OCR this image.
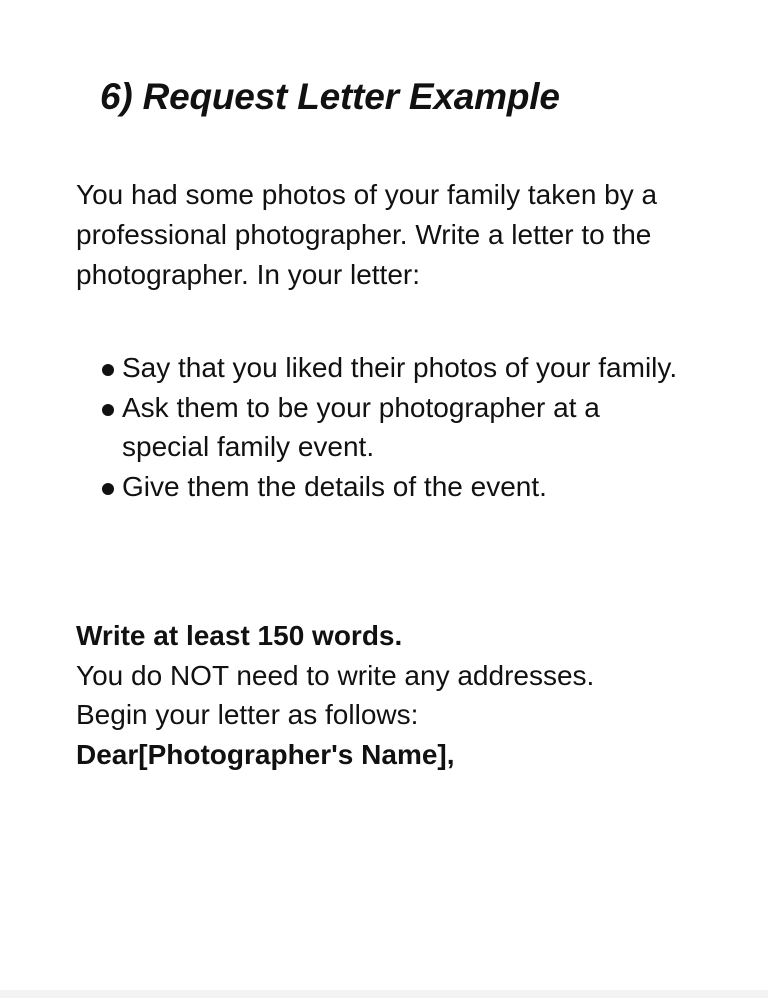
6) Request Letter Example

You had some photos of your family taken by a professional photographer. Write a letter to the photographer. In your letter:

Say that you liked their photos of your family.
Ask them to be your photographer at a special family event.
Give them the details of the event.
Write at least 150 words.
You do NOT need to write any addresses.
Begin your letter as follows:
Dear[Photographer's Name],
